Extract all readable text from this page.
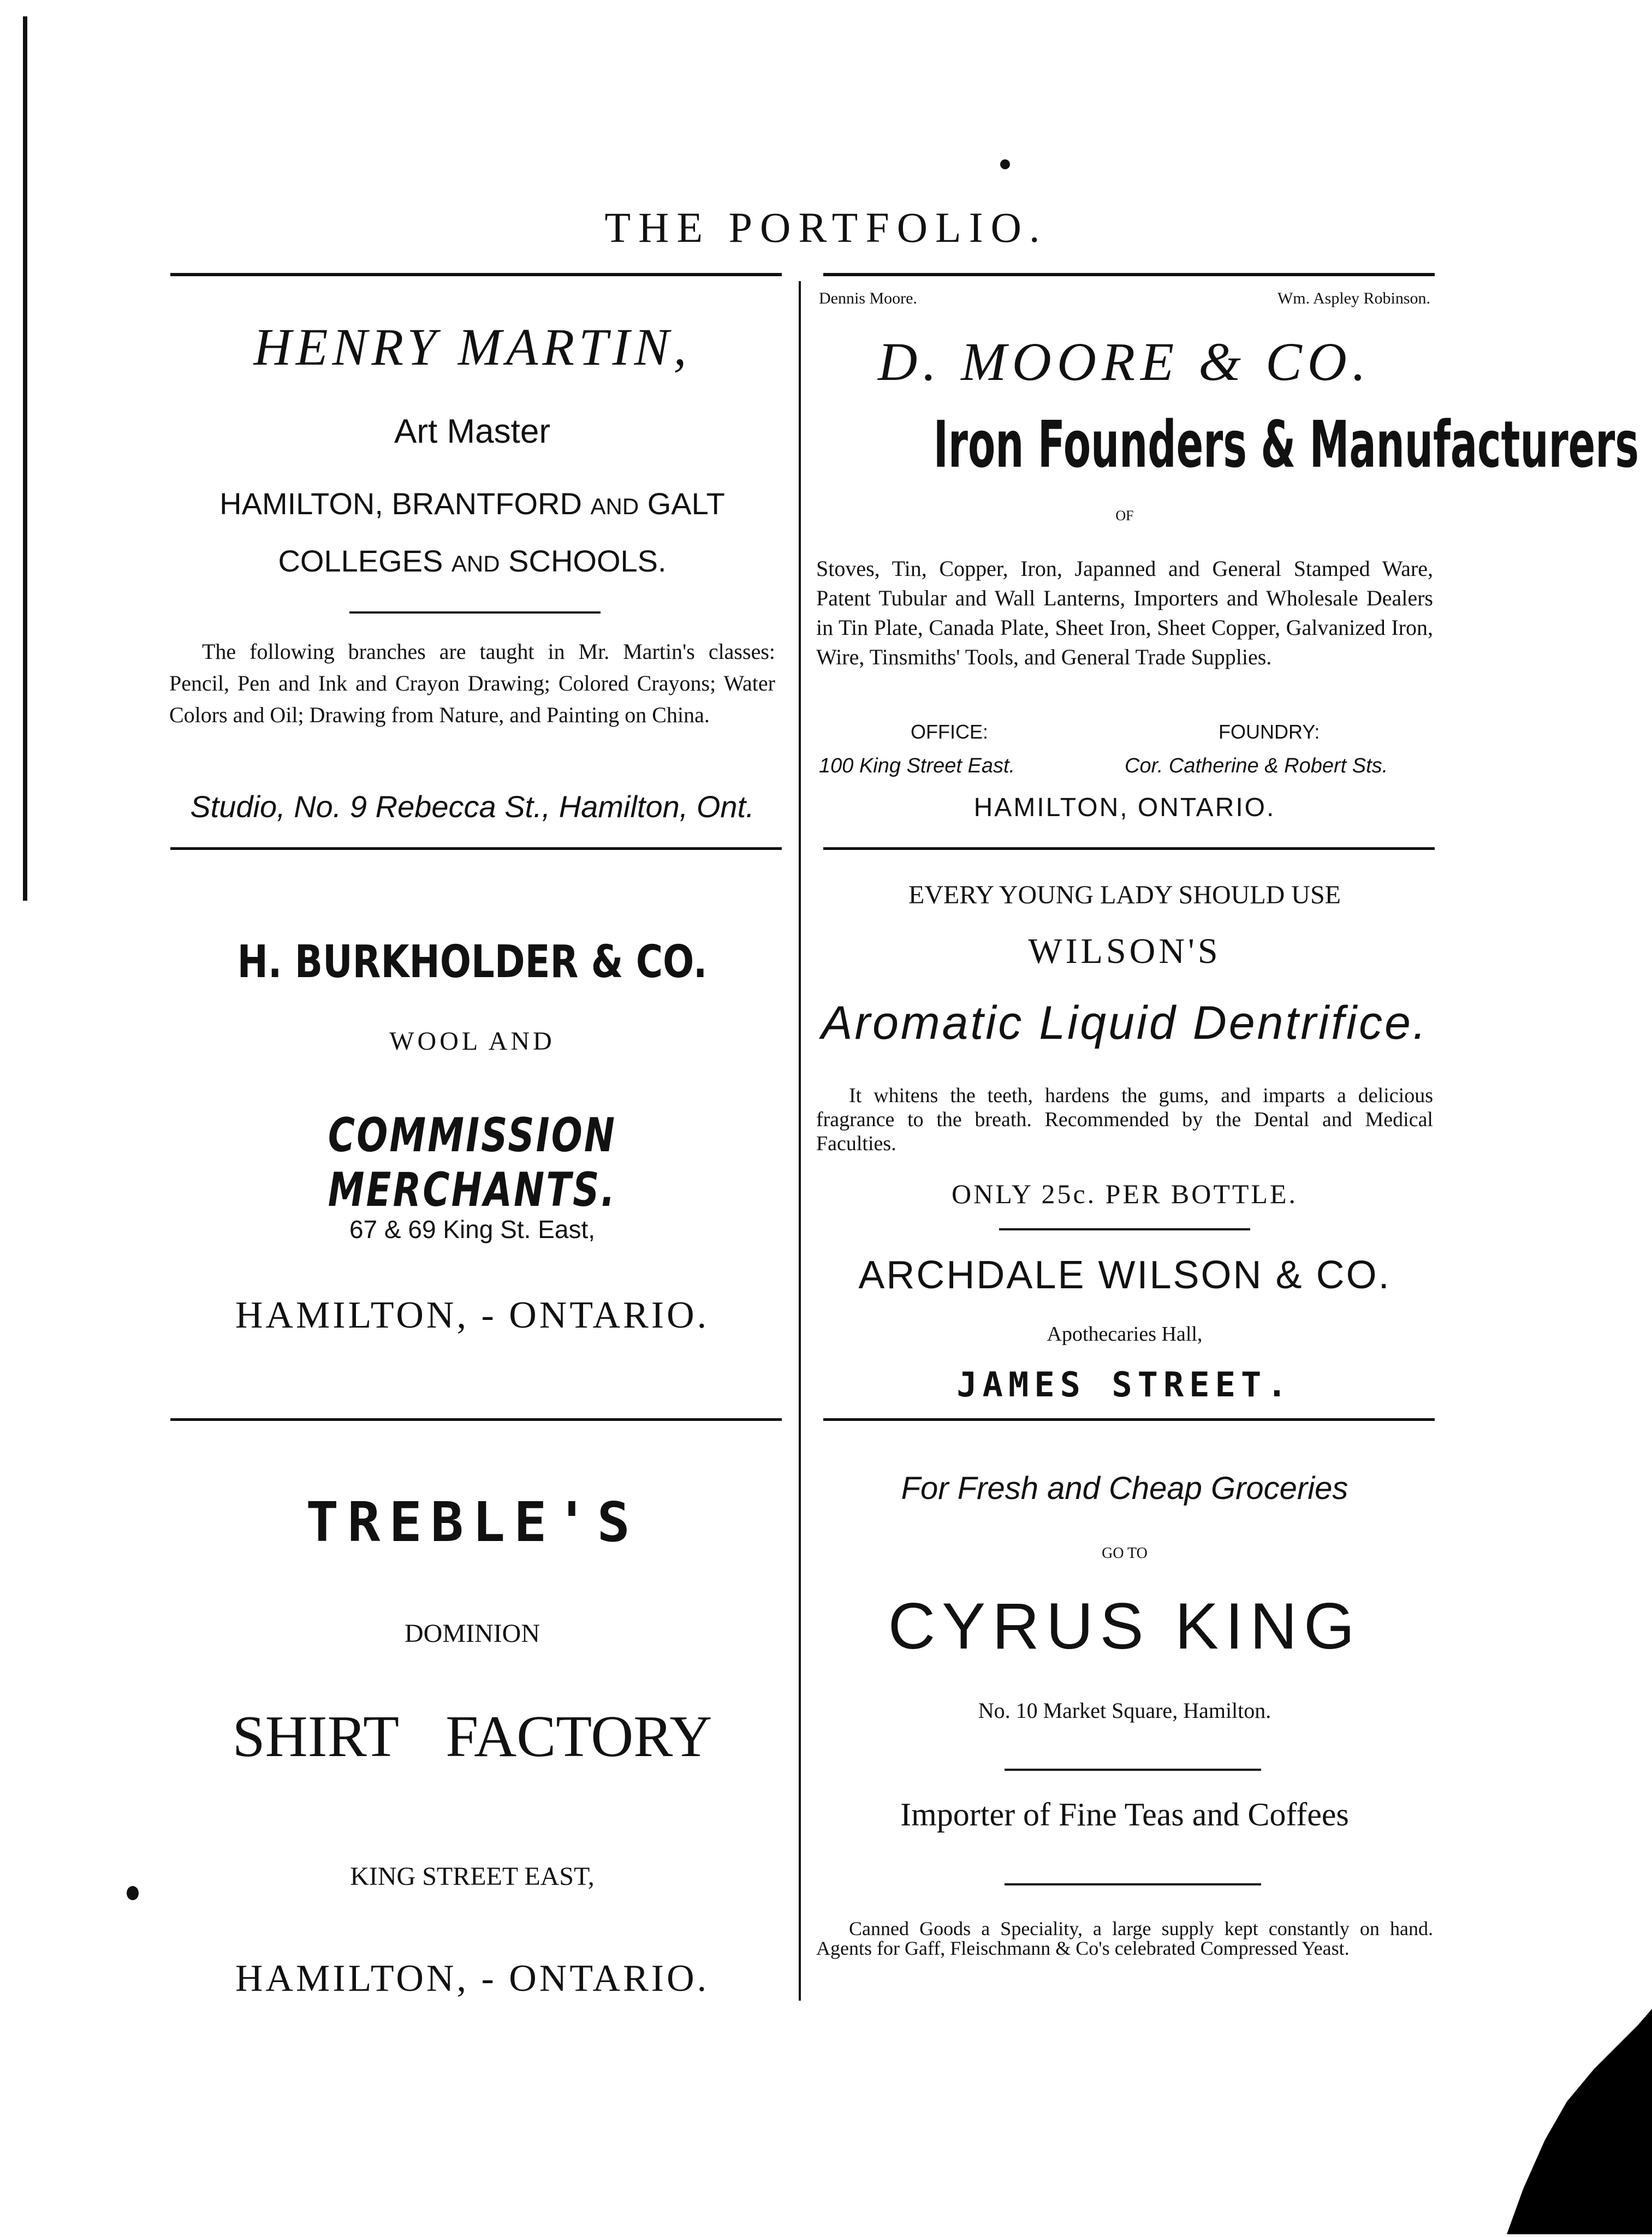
THE PORTFOLIO.
HENRY MARTIN,
Art Master
HAMILTON, BRANTFORD AND GALT
COLLEGES AND SCHOOLS.
The following branches are taught in Mr. Martin's classes: Pencil, Pen and Ink and Crayon Drawing; Colored Crayons; Water Colors and Oil; Drawing from Nature, and Painting on China.
Studio, No. 9 Rebecca St., Hamilton, Ont.
H. BURKHOLDER & CO.
WOOL AND
COMMISSION MERCHANTS.
67 & 69 King St. East,
HAMILTON, - ONTARIO.
TREBLE'S
DOMINION
SHIRT FACTORY
KING STREET EAST,
HAMILTON, - ONTARIO.
Dennis Moore.	Wm. Aspley Robinson.
D. MOORE & CO.
Iron Founders & Manufacturers
OF
Stoves, Tin, Copper, Iron, Japanned and General Stamped Ware, Patent Tubular and Wall Lanterns, Importers and Wholesale Dealers in Tin Plate, Canada Plate, Sheet Iron, Sheet Copper, Galvanized Iron, Wire, Tinsmiths' Tools, and General Trade Supplies.
OFFICE:	FOUNDRY:
100 King Street East.	Cor. Catherine & Robert Sts.
HAMILTON, ONTARIO.
EVERY YOUNG LADY SHOULD USE
WILSON'S
Aromatic Liquid Dentrifice.
It whitens the teeth, hardens the gums, and imparts a delicious fragrance to the breath. Recommended by the Dental and Medical Faculties.
ONLY 25c. PER BOTTLE.
ARCHDALE WILSON & CO.
Apothecaries Hall,
JAMES STREET.
For Fresh and Cheap Groceries
GO TO
CYRUS KING
No. 10 Market Square, Hamilton.
Importer of Fine Teas and Coffees
Canned Goods a Speciality, a large supply kept constantly on hand. Agents for Gaff, Fleischmann & Co's celebrated Compressed Yeast.
